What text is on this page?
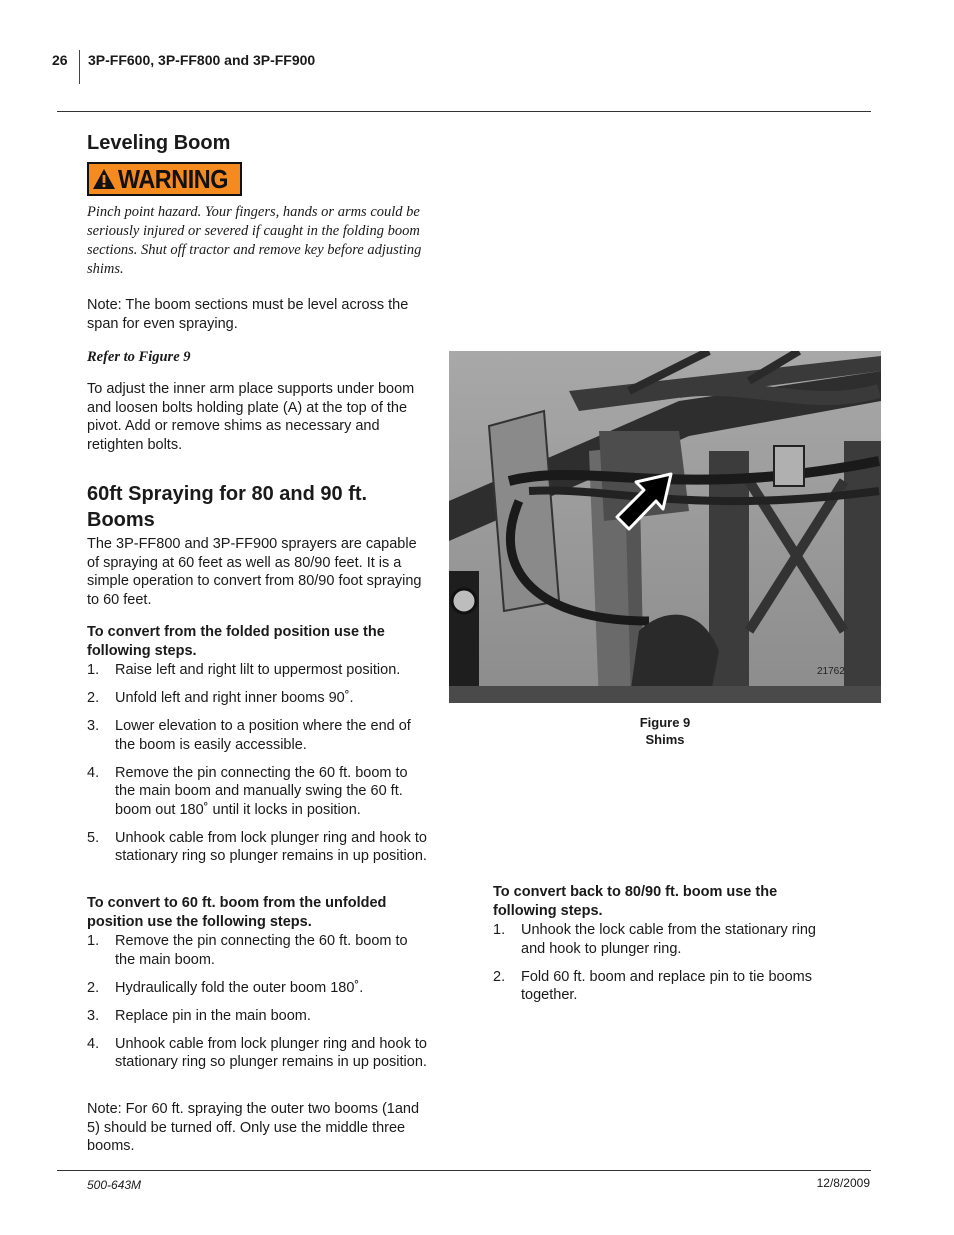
26 3P-FF600, 3P-FF800 and 3P-FF900
Leveling Boom
WARNING
Pinch point hazard. Your fingers, hands or arms could be seriously injured or severed if caught in the folding boom sections. Shut off tractor and remove key before adjusting shims.
Note: The boom sections must be level across the span for even spraying.
Refer to Figure 9
To adjust the inner arm place supports under boom and loosen bolts holding plate (A) at the top of the pivot. Add or remove shims as necessary and retighten bolts.
60ft Spraying for 80 and 90 ft.
Booms
The 3P-FF800 and 3P-FF900 sprayers are capable of spraying at 60 feet as well as 80/90 feet. It is a simple operation to convert from 80/90 foot spraying to 60 feet.
To convert from the folded position use the following steps.
1.	Raise left and right lilt to uppermost position.
2.	Unfold left and right inner booms 90˚.
3.	Lower elevation to a position where the end of the boom is easily accessible.
4.	Remove the pin connecting the 60 ft. boom to the main boom and manually swing the 60 ft. boom out 180˚ until it locks in position.
5.	Unhook cable from lock plunger ring and hook to stationary ring so plunger remains in up position.
To convert to 60 ft. boom from the unfolded position use the following steps.
1.	Remove the pin connecting the 60 ft. boom to the main boom.
2.	Hydraulically fold the outer boom 180˚.
3.	Replace pin in the main boom.
4.	Unhook cable from lock plunger ring and hook to stationary ring so plunger remains in up position.
Note: For 60 ft. spraying the outer two booms (1and 5) should be turned off. Only use the middle three booms.
21762
Figure 9
Shims
To convert back to 80/90 ft. boom use the following steps.
1.	Unhook the lock cable from the stationary ring and hook to plunger ring.
2.	Fold 60 ft. boom and replace pin to tie booms together.
500-643M	12/8/2009
